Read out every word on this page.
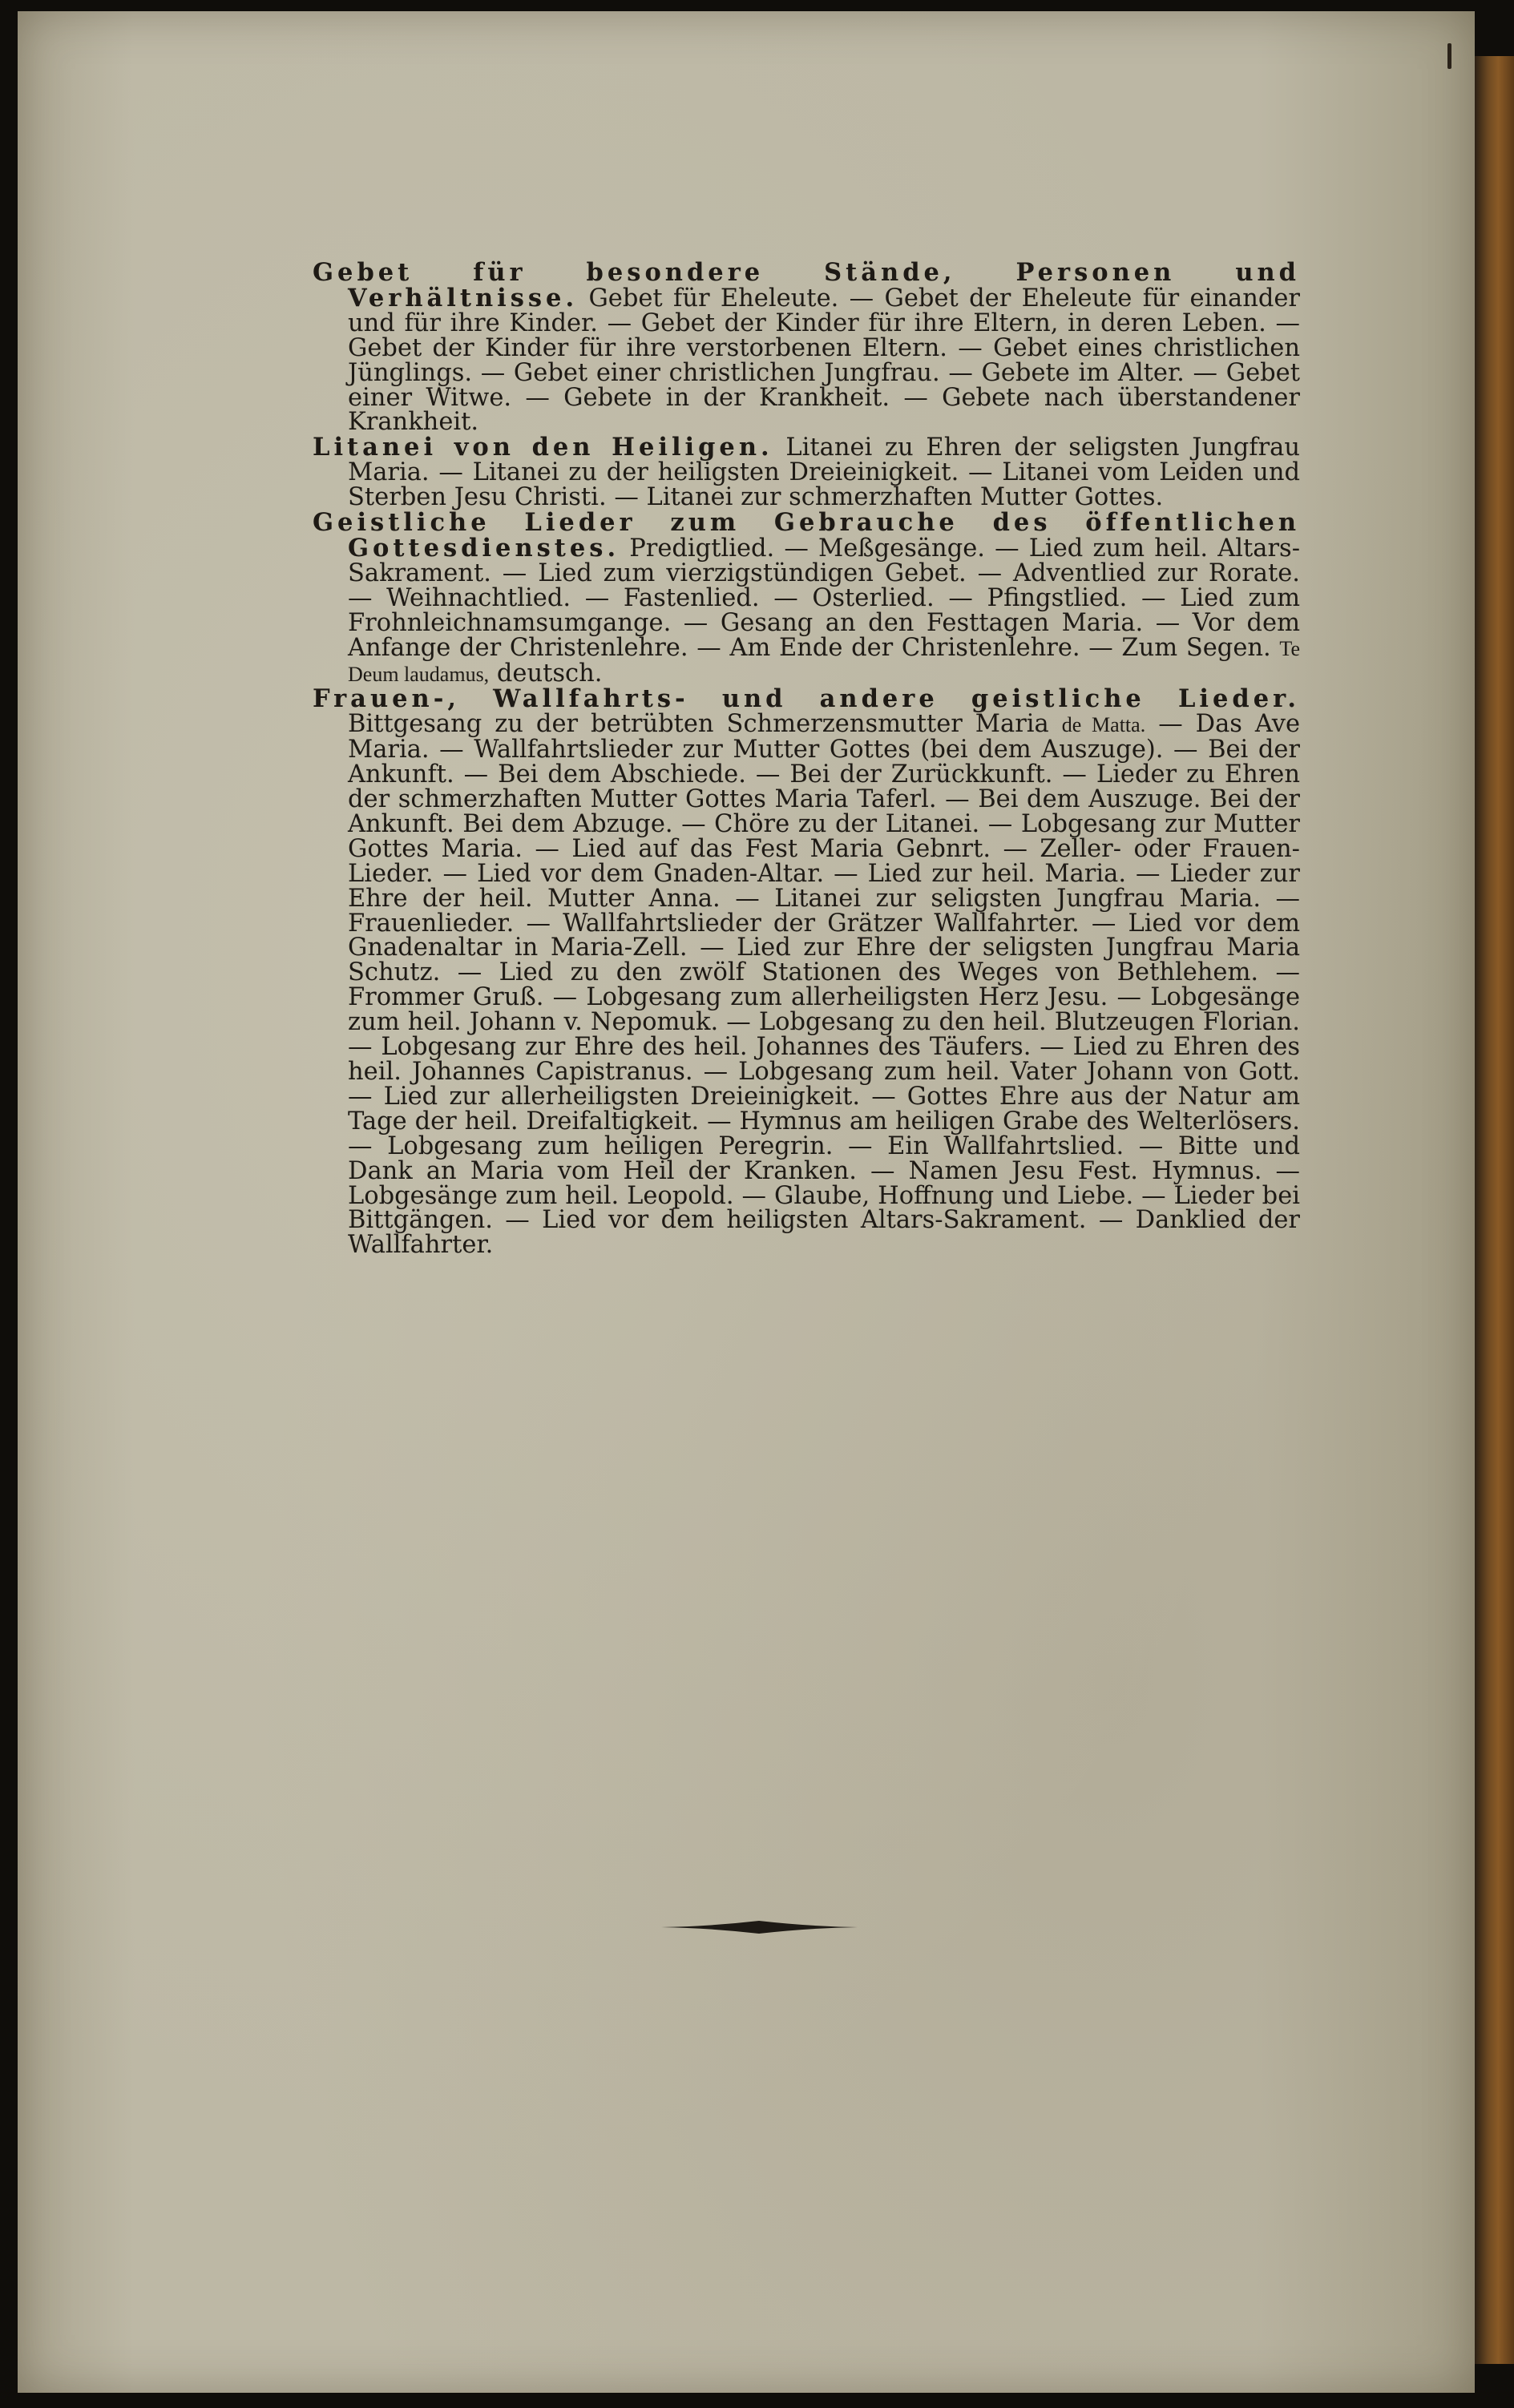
Gebet für besondere Stände, Personen und Verhältnisse. Gebet für Eheleute. — Gebet der Eheleute für einander und für ihre Kinder. — Gebet der Kinder für ihre Eltern, in deren Leben. — Gebet der Kinder für ihre verstorbenen Eltern. — Gebet eines christlichen Jünglings. — Gebet einer christlichen Jungfrau. — Gebete im Alter. — Gebet einer Witwe. — Gebete in der Krankheit. — Gebete nach überstandener Krankheit.

Litanei von den Heiligen. Litanei zu Ehren der seligsten Jungfrau Maria. — Litanei zu der heiligsten Dreieinigkeit. — Litanei vom Leiden und Sterben Jesu Christi. — Litanei zur schmerzhaften Mutter Gottes.

Geistliche Lieder zum Gebrauche des öffentlichen Gottesdienstes. Predigtlied. — Meßgesänge. — Lied zum heil. Altars-Sakrament. — Lied zum vierzigstündigen Gebet. — Adventlied zur Rorate. — Weihnachtlied. — Fastenlied. — Osterlied. — Pfingstlied. — Lied zum Frohnleichnamsumgange. — Gesang an den Festtagen Maria. — Vor dem Anfange der Christenlehre. — Am Ende der Christenlehre. — Zum Segen. Te Deum laudamus, deutsch.

Frauen-, Wallfahrts- und andere geistliche Lieder. Bittgesang zu der betrübten Schmerzensmutter Maria de Matta. — Das Ave Maria. — Wallfahrtslieder zur Mutter Gottes (bei dem Auszuge). — Bei der Ankunft. — Bei dem Abschiede. — Bei der Zurückkunft. — Lieder zu Ehren der schmerzhaften Mutter Gottes Maria Taferl. — Bei dem Auszuge. Bei der Ankunft. Bei dem Abzuge. — Chöre zu der Litanei. — Lobgesang zur Mutter Gottes Maria. — Lied auf das Fest Maria Gebnrt. — Zeller- oder Frauen-Lieder. — Lied vor dem Gnaden-Altar. — Lied zur heil. Maria. — Lieder zur Ehre der heil. Mutter Anna. — Litanei zur seligsten Jungfrau Maria. — Frauenlieder. — Wallfahrtslieder der Grätzer Wallfahrter. — Lied vor dem Gnadenaltar in Maria-Zell. — Lied zur Ehre der seligsten Jungfrau Maria Schutz. — Lied zu den zwölf Stationen des Weges von Bethlehem. — Frommer Gruß. — Lobgesang zum allerheiligsten Herz Jesu. — Lobgesänge zum heil. Johann v. Nepomuk. — Lobgesang zu den heil. Blutzeugen Florian. — Lobgesang zur Ehre des heil. Johannes des Täufers. — Lied zu Ehren des heil. Johannes Capistranus. — Lobgesang zum heil. Vater Johann von Gott. — Lied zur allerheiligsten Dreieinigkeit. — Gottes Ehre aus der Natur am Tage der heil. Dreifaltigkeit. — Hymnus am heiligen Grabe des Welterlösers. — Lobgesang zum heiligen Peregrin. — Ein Wallfahrtslied. — Bitte und Dank an Maria vom Heil der Kranken. — Namen Jesu Fest. Hymnus. — Lobgesänge zum heil. Leopold. — Glaube, Hoffnung und Liebe. — Lieder bei Bittgängen. — Lied vor dem heiligsten Altars-Sakrament. — Danklied der Wallfahrter.
